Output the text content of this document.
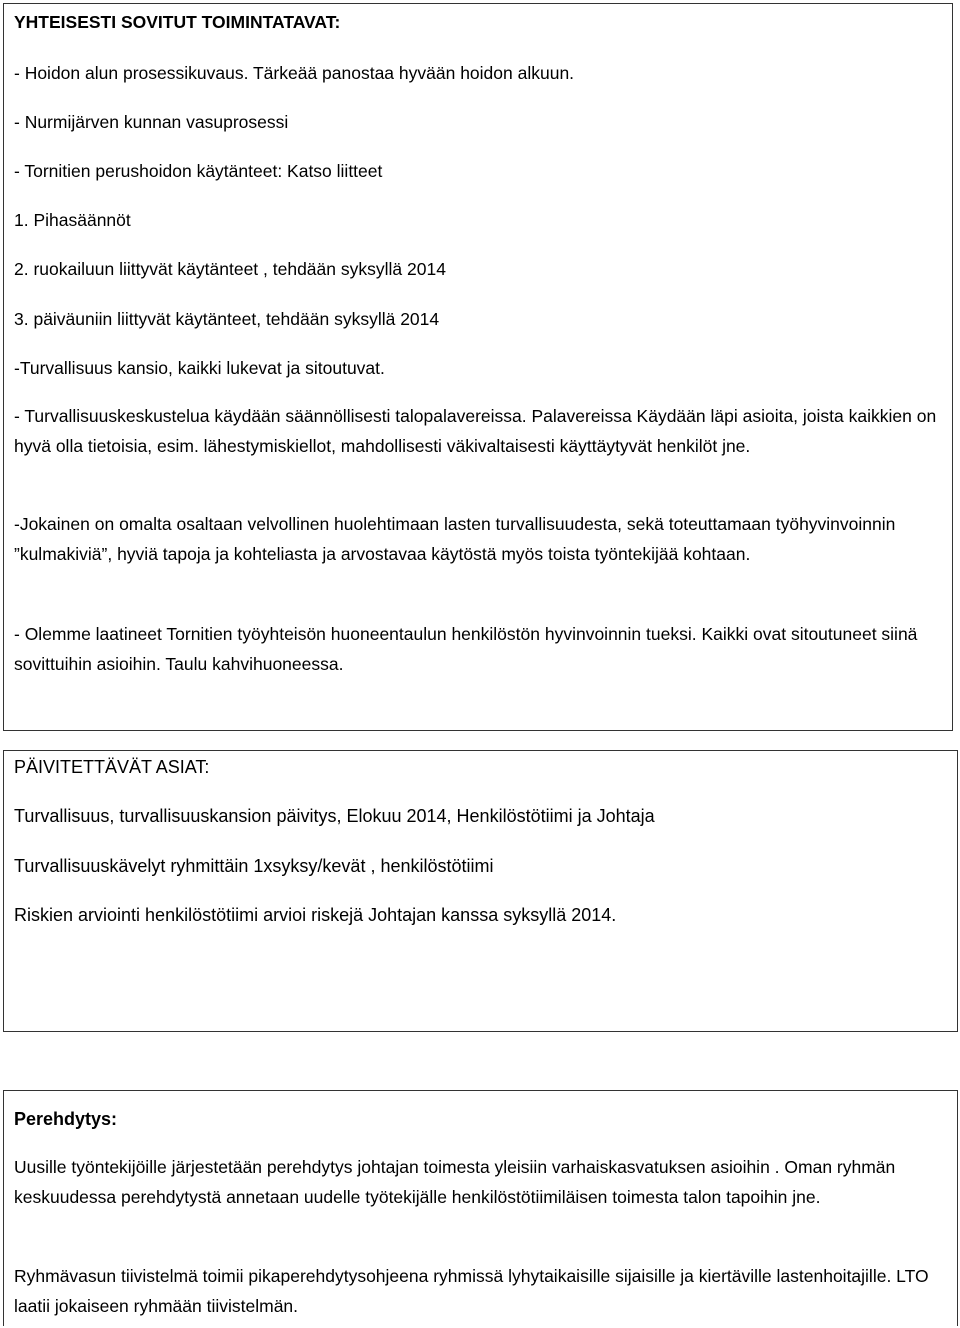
YHTEISESTI SOVITUT TOIMINTATAVAT:
- Hoidon alun prosessikuvaus. Tärkeää panostaa hyvään hoidon alkuun.
- Nurmijärven kunnan vasuprosessi
- Tornitien perushoidon käytänteet: Katso liitteet
1. Pihasäännöt
2. ruokailuun liittyvät käytänteet , tehdään syksyllä 2014
3. päiväuniin liittyvät käytänteet, tehdään syksyllä 2014
-Turvallisuus kansio, kaikki lukevat ja sitoutuvat.
- Turvallisuuskeskustelua käydään säännöllisesti talopalavereissa. Palavereissa Käydään läpi asioita, joista kaikkien on hyvä olla tietoisia, esim. lähestymiskiellot, mahdollisesti väkivaltaisesti käyttäytyvät henkilöt jne.
-Jokainen on omalta osaltaan velvollinen huolehtimaan lasten turvallisuudesta, sekä toteuttamaan työhyvinvoinnin ”kulmakiviä”, hyviä tapoja ja kohteliasta ja arvostavaa käytöstä myös toista työntekijää kohtaan.
- Olemme laatineet Tornitien työyhteisön huoneentaulun henkilöstön hyvinvoinnin tueksi. Kaikki ovat sitoutuneet siinä sovittuihin asioihin. Taulu kahvihuoneessa.
PÄIVITETTÄVÄT ASIAT:
Turvallisuus, turvallisuuskansion päivitys, Elokuu 2014, Henkilöstötiimi ja Johtaja
Turvallisuuskävelyt ryhmittäin 1xsyksy/kevät , henkilöstötiimi
Riskien arviointi henkilöstötiimi arvioi riskejä Johtajan kanssa syksyllä 2014.
Perehdytys:
Uusille työntekijöille järjestetään perehdytys johtajan toimesta yleisiin varhaiskasvatuksen asioihin . Oman ryhmän keskuudessa perehdytystä annetaan uudelle työtekijälle henkilöstötiimiläisen toimesta talon tapoihin jne.
Ryhmävasun tiivistelmä toimii pikaperehdytysohjeena ryhmissä lyhytaikaisille sijaisille ja kiertäville lastenhoitajille. LTO laatii jokaiseen ryhmään tiivistelmän.
